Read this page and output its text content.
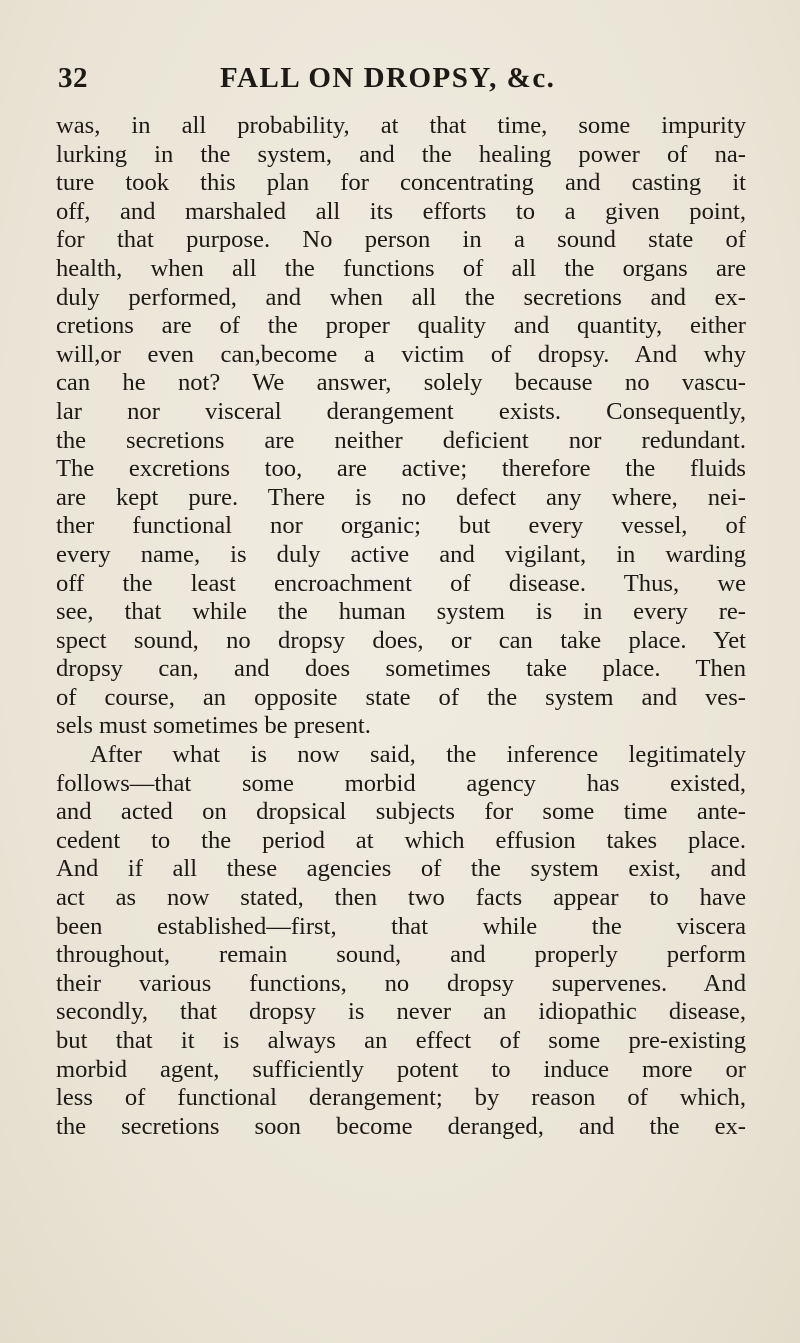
32	FALL ON DROPSY, &c.
was, in all probability, at that time, some impurity
lurking in the system, and the healing power of na-
ture took this plan for concentrating and casting it
off, and marshaled all its efforts to a given point,
for that purpose. No person in a sound state of
health, when all the functions of all the organs are
duly performed, and when all the secretions and ex-
cretions are of the proper quality and quantity, either
will,or even can,become a victim of dropsy. And why
can he not? We answer, solely because no vascu-
lar nor visceral derangement exists. Consequently,
the secretions are neither deficient nor redundant.
The excretions too, are active; therefore the fluids
are kept pure. There is no defect any where, nei-
ther functional nor organic; but every vessel, of
every name, is duly active and vigilant, in warding
off the least encroachment of disease. Thus, we
see, that while the human system is in every re-
spect sound, no dropsy does, or can take place. Yet
dropsy can, and does sometimes take place. Then
of course, an opposite state of the system and ves-
sels must sometimes be present.
After what is now said, the inference legitimately
follows—that some morbid agency has existed,
and acted on dropsical subjects for some time ante-
cedent to the period at which effusion takes place.
And if all these agencies of the system exist, and
act as now stated, then two facts appear to have
been established—first, that while the viscera
throughout, remain sound, and properly perform
their various functions, no dropsy supervenes. And
secondly, that dropsy is never an idiopathic disease,
but that it is always an effect of some pre-existing
morbid agent, sufficiently potent to induce more or
less of functional derangement; by reason of which,
the secretions soon become deranged, and the ex-
